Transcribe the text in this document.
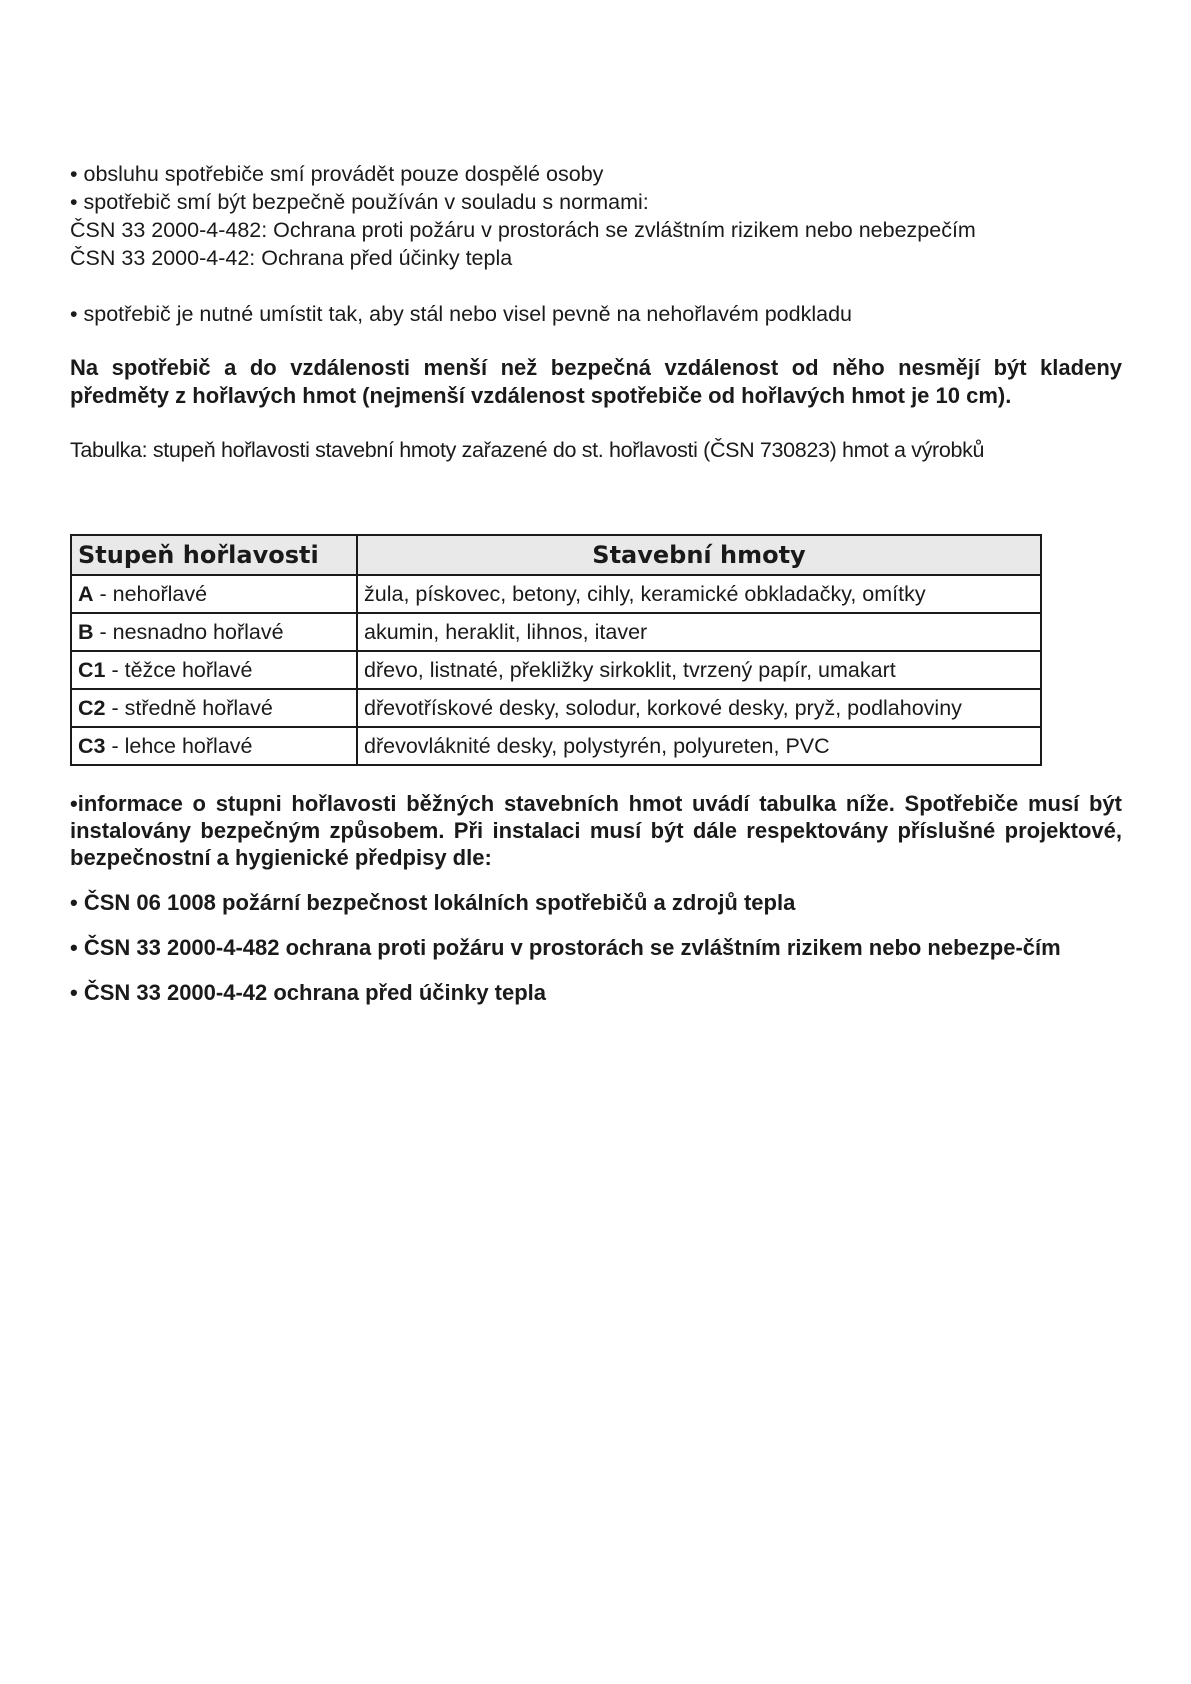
• obsluhu spotřebiče smí provádět pouze dospělé osoby
• spotřebič smí být bezpečně používán v souladu s normami:
ČSN 33 2000-4-482: Ochrana proti požáru v prostorách se zvláštním rizikem nebo nebezpečím
ČSN 33 2000-4-42: Ochrana před účinky tepla
• spotřebič je nutné umístit tak, aby stál nebo visel pevně na nehořlavém podkladu
Na spotřebič a do vzdálenosti menší než bezpečná vzdálenost od něho nesmějí být kladeny předměty z hořlavých hmot (nejmenší vzdálenost spotřebiče od hořlavých hmot je 10 cm).
Tabulka: stupeň hořlavosti stavební hmoty zařazené do st. hořlavosti (ČSN 730823) hmot a výrobků
Stupeň hořlavosti	Stavební hmoty
A - nehořlavé	žula, pískovec, betony, cihly, keramické obkladačky, omítky
B - nesnadno hořlavé	akumin, heraklit, lihnos, itaver
C1 - těžce hořlavé	dřevo, listnaté, překližky sirkoklit, tvrzený papír, umakart
C2 - středně hořlavé	dřevotřískové desky, solodur, korkové desky, pryž, podlahoviny
C3 - lehce hořlavé	dřevovláknité desky, polystyrén, polyureten, PVC
•informace o stupni hořlavosti běžných stavebních hmot uvádí tabulka níže. Spotřebiče musí být instalovány bezpečným způsobem. Při instalaci musí být dále respektovány příslušné projektové, bezpečnostní a hygienické předpisy dle:
• ČSN 06 1008 požární bezpečnost lokálních spotřebičů a zdrojů tepla
• ČSN 33 2000-4-482 ochrana proti požáru v prostorách se zvláštním rizikem nebo nebezpe-čím
• ČSN 33 2000-4-42 ochrana před účinky tepla
